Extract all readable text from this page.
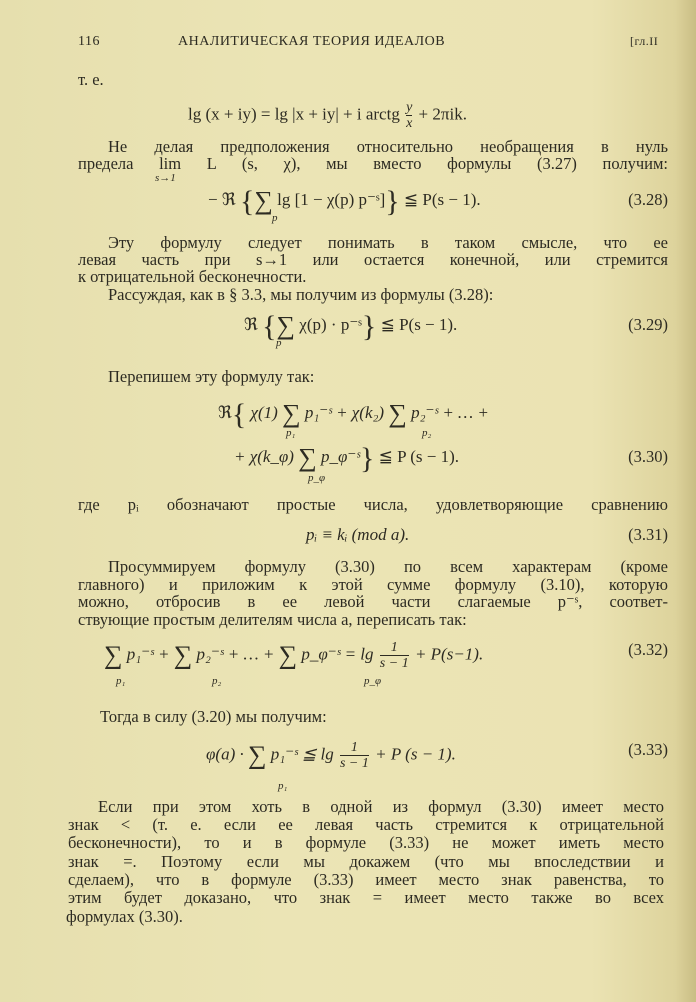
116	АНАЛИТИЧЕСКАЯ ТЕОРИЯ ИДЕАЛОВ	[гл.II
т. е.
lg (x + iy) = lg |x + iy| + i arctg $\frac{y}{x} + 2\pi ik$.
Не делая предположения относительно необращения в нуль
предела lim L (s, χ), мы вместо формулы (3.27) получим:
s→1
− ℜ {∑ lg [1 − χ(p) p⁻ˢ]} ≦ P(s − 1).
p
(3.28)
Эту формулу следует понимать в таком смысле, что ее
левая часть при s→1 или остается конечной, или стремится
к отрицательной бесконечности.
Рассуждая, как в § 3.3, мы получим из формулы (3.28):
ℜ {∑ χ(p) · p⁻ˢ} ≦ P(s − 1).
p
(3.29)
Перепишем эту формулу так:
ℜ{ χ(1) ∑ p₁⁻ˢ + χ(k₂) ∑ p₂⁻ˢ + … +
p₁	p₂
+ χ(k_φ) ∑ p_φ⁻ˢ} ≦ P (s − 1).
p_φ
(3.30)
где pᵢ обозначают простые числа, удовлетворяющие сравнению
pᵢ ≡ kᵢ (mod a).	(3.31)
Просуммируем формулу (3.30) по всем характерам (кроме
главного) и приложим к этой сумме формулу (3.10), которую
можно, отбросив в ее левой части слагаемые p⁻ˢ, соответ-
ствующие простым делителям числа a, переписать так:
∑ p₁⁻ˢ + ∑ p₂⁻ˢ + … + ∑ p_φ⁻ˢ = $\lg \frac{1}{s - 1} + P(s-1)$.
p₁	p₂	p_φ
(3.32)
Тогда в силу (3.20) мы получим:
φ(a) · ∑ p₁⁻ˢ ≦ $\lg \frac{1}{s - 1} + P$ (s − 1).
p₁
(3.33)
Если при этом хоть в одной из формул (3.30) имеет место
знак < (т. е. если ее левая часть стремится к отрицательной
бесконечности), то и в формуле (3.33) не может иметь место
знак =. Поэтому если мы докажем (что мы впоследствии и
сделаем), что в формуле (3.33) имеет место знак равенства, то
этим будет доказано, что знак = имеет место также во всех
формулах (3.30).
